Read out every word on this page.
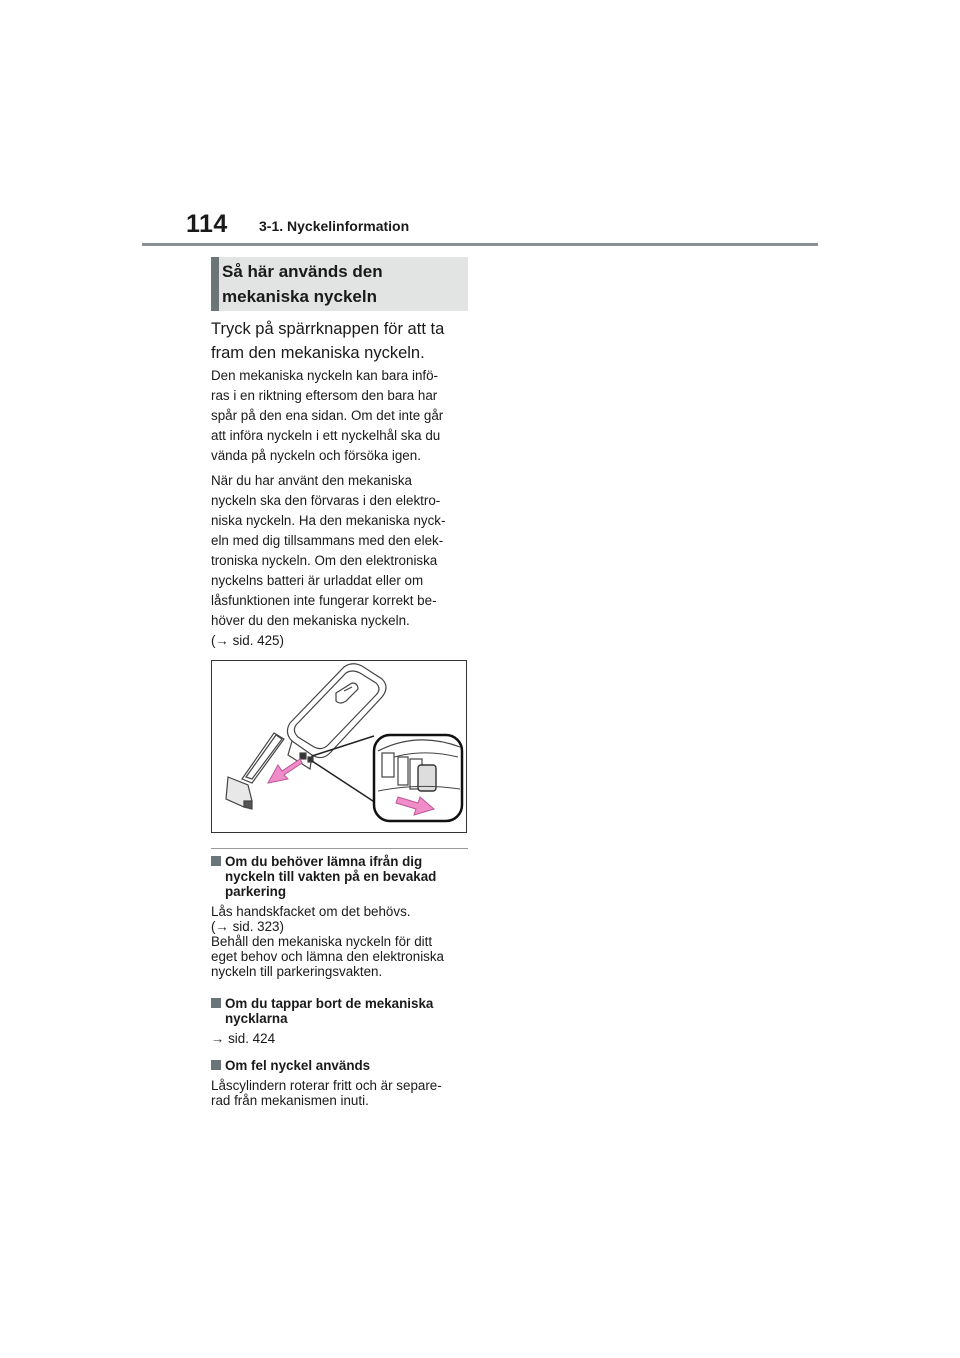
114 3-1. Nyckelinformation
Så här används den
mekaniska nyckeln
Tryck på spärrknappen för att ta
fram den mekaniska nyckeln.
Den mekaniska nyckeln kan bara infö-
ras i en riktning eftersom den bara har
spår på den ena sidan. Om det inte går
att införa nyckeln i ett nyckelhål ska du
vända på nyckeln och försöka igen.
När du har använt den mekaniska
nyckeln ska den förvaras i den elektro-
niska nyckeln. Ha den mekaniska nyck-
eln med dig tillsammans med den elek-
troniska nyckeln. Om den elektroniska
nyckelns batteri är urladdat eller om
låsfunktionen inte fungerar korrekt be-
höver du den mekaniska nyckeln.
(→ sid. 425)
Om du behöver lämna ifrån dig
nyckeln till vakten på en bevakad
parkering
Lås handskfacket om det behövs.
(→ sid. 323)
Behåll den mekaniska nyckeln för ditt
eget behov och lämna den elektroniska
nyckeln till parkeringsvakten.
Om du tappar bort de mekaniska
nycklarna
→ sid. 424
Om fel nyckel används
Låscylindern roterar fritt och är separe-
rad från mekanismen inuti.
